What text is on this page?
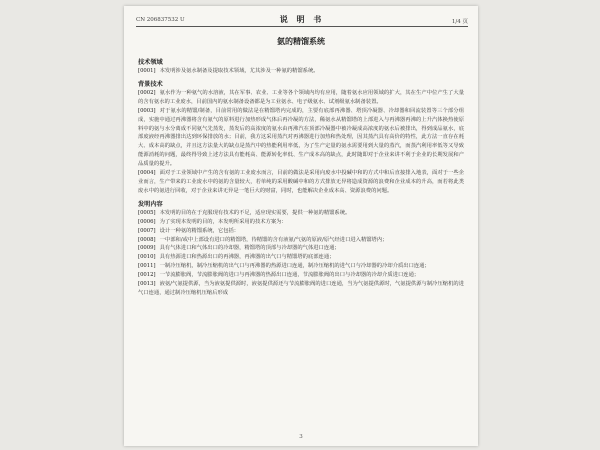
CN 206837532 U	说 明 书	1/4 页
氨的精馏系统
技术领域

[0001] 本发明涉及氨水制备及提取技术领域，尤其涉及一种氨的精馏系统。

背景技术

[0002] 氨水作为一种氨气的水溶液，其在军事、农业、工业等各个领域内均有应用，随着氨水应用领域的扩大，其在生产中位产生了大量的含有氨水的工业废水，目前国内的氨水制备设备都是为工业氨水、电子级氨水、试剂级氨水制备装置。

[0003] 对于氨水的精馏/制备，目前常用的做法是在精馏塔内完成的，主要有底部再沸器、塔顶冷凝器、冷却器和回流装置等三个部分组成，实施中通过再沸器将含有氨气的原料进行加热形成气体后再冷凝的方法，稀氨水从精馏塔的上部进入与再沸器再沸的上升汽体换热使原料中的氨与水分离成不同氨气先蒸发，蒸发后的高浓度的氨水由再沸汽在顶部冷凝器中被冷凝成高浓度的氨水后被排出，得到成品氨水，底部废液经再沸器排出达到环保排放的水；目前，我方这采用蒸汽对再沸器进行加热和热处理，因其蒸汽具有高价的特性，此方法一直存在耗大、成本高的缺点，并且这方法量大的缺点是蒸汽中的热能利用率低，为了生产定量的氨水需要用到大量的蒸汽，而蒸汽利用率低等又导致能源消耗的问题，最终得导致上述方法具有能耗高、能源转化率低、生产成本高的缺点，此时随即对于企业来讲不利于企业的长期发展和产品质量的提升。

[0004] 面对于工业领域中产生的含有氨的工业废水而言，目前的做法是采用向废水中投碱中和的方式中和后直接排入地表，面对于一些企业而言，生产带来的工业废水中的氨的含量较大，若单纯的采用酸碱中和的方式排放无异将造成资源的浪费和企业成本的升高，而若将此类废水中的氨进行回收，对于企业来讲无异是一笔巨大的财富，同时，也能解决企业成本高、资源浪费的问题。

发明内容

[0005] 本发明的目的在于克服现有技术的不足，适应现实需要，提供一种氨的精馏系统。

[0006] 为了实现本发明的目的，本发明所采用的技术方案为：

[0007] 设计一种氨的精馏系统，它包括：

[0008] 一中部和/或中上部设有进口的精馏塔，待精馏的含有液氨/气氨的原液/原气经进口进入精馏塔内；

[0009] 具有气体进口和气体出口的冷却器，精馏塔的顶部与冷却器的气体进口连通；

[0010] 具有热源进口和热源出口的再沸器，再沸器的出气口与精馏塔的底部连通；

[0011] 一制冷压缩机，制冷压缩机的出气口与再沸器的热源进口连通，制冷压缩机的进气口与冷却器的冷却介质出口连通；

[0012] 一节流膨胀阀，节流膨胀阀的进口与再沸器的热源出口连通，节流膨胀阀的出口与冷却器的冷却介质进口连通；

[0013] 液氨/气氨提供源，当为液氨提供源时，液氨提供源还与节流膨胀阀的进口连通，当为气氨提供源时，气氨提供源与制冷压缩机的进气口连通，通过制冷压缩机压缩后形成

3
